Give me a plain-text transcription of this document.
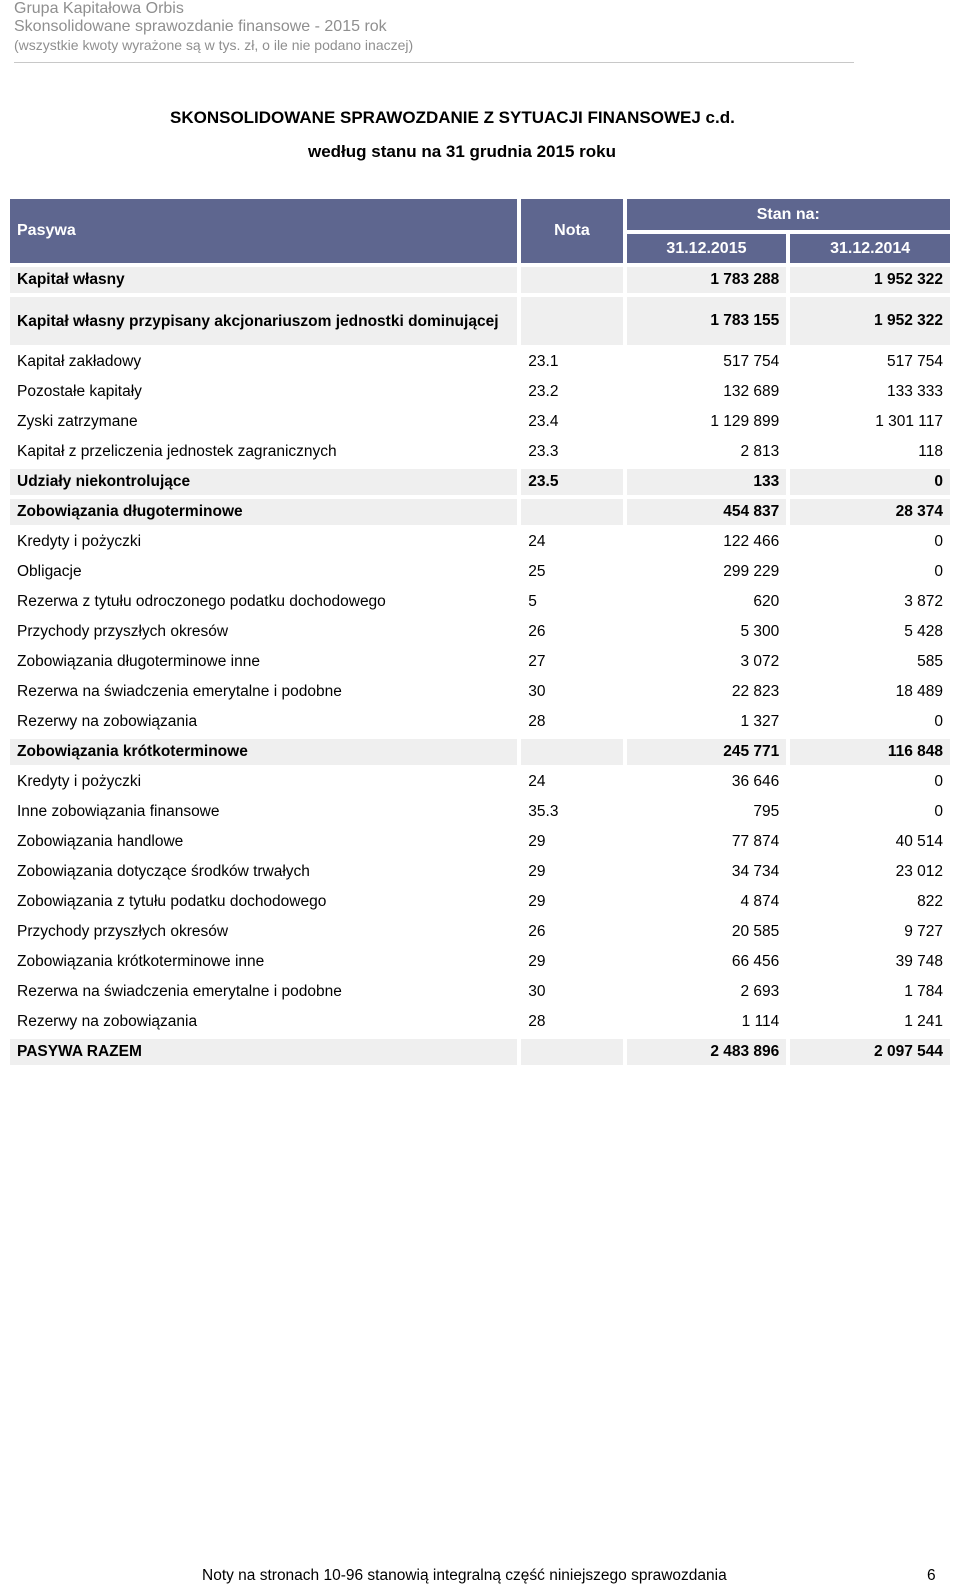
Grupa Kapitałowa Orbis
Skonsolidowane sprawozdanie finansowe - 2015 rok
(wszystkie kwoty wyrażone są w tys. zł, o ile nie podano inaczej)
SKONSOLIDOWANE SPRAWOZDANIE Z SYTUACJI FINANSOWEJ c.d.
według stanu na 31 grudnia 2015 roku
Pasywa	Nota	Stan na:	
		31.12.2015	31.12.2014
Kapitał własny		1 783 288	1 952 322
Kapitał własny przypisany akcjonariuszom jednostki dominującej		1 783 155	1 952 322
Kapitał zakładowy	23.1	517 754	517 754
Pozostałe kapitały	23.2	132 689	133 333
Zyski zatrzymane	23.4	1 129 899	1 301 117
Kapitał z przeliczenia jednostek zagranicznych	23.3	2 813	118
Udziały niekontrolujące	23.5	133	0
Zobowiązania długoterminowe		454 837	28 374
Kredyty i pożyczki	24	122 466	0
Obligacje	25	299 229	0
Rezerwa z tytułu odroczonego podatku dochodowego	5	620	3 872
Przychody przyszłych okresów	26	5 300	5 428
Zobowiązania długoterminowe inne	27	3 072	585
Rezerwa na świadczenia emerytalne i podobne	30	22 823	18 489
Rezerwy na zobowiązania	28	1 327	0
Zobowiązania krótkoterminowe		245 771	116 848
Kredyty i pożyczki	24	36 646	0
Inne zobowiązania finansowe	35.3	795	0
Zobowiązania handlowe	29	77 874	40 514
Zobowiązania dotyczące środków trwałych	29	34 734	23 012
Zobowiązania z tytułu podatku dochodowego	29	4 874	822
Przychody przyszłych okresów	26	20 585	9 727
Zobowiązania krótkoterminowe inne	29	66 456	39 748
Rezerwa na świadczenia emerytalne i podobne	30	2 693	1 784
Rezerwy na zobowiązania	28	1 114	1 241
PASYWA RAZEM		2 483 896	2 097 544
Noty na stronach 10-96 stanowią integralną część niniejszego sprawozdania	6
